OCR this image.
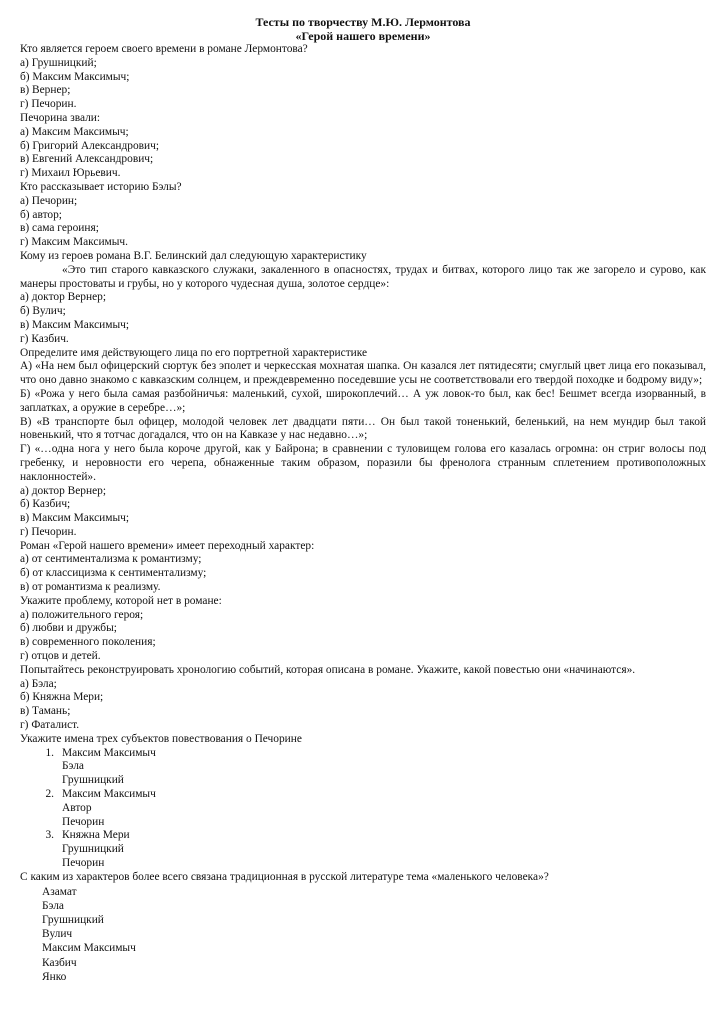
Тесты по творчеству М.Ю. Лермонтова
«Герой нашего времени»
Кто является героем своего времени в романе Лермонтова?
а) Грушницкий;
б) Максим Максимыч;
в) Вернер;
г) Печорин.
Печорина звали:
а) Максим Максимыч;
б) Григорий Александрович;
в) Евгений Александрович;
г) Михаил Юрьевич.
Кто рассказывает историю Бэлы?
а) Печорин;
б) автор;
в) сама героиня;
г) Максим Максимыч.
Кому из героев романа В.Г. Белинский дал следующую характеристику
«Это тип старого кавказского служаки, закаленного в опасностях, трудах и битвах, которого лицо так же загорело и сурово, как манеры простоваты и грубы, но у которого чудесная душа, золотое сердце»:
а) доктор Вернер;
б) Вулич;
в) Максим Максимыч;
г) Казбич.
Определите имя действующего лица по его портретной характеристике
А) «На нем был офицерский сюртук без эполет и черкесская мохнатая шапка. Он казался лет пятидесяти; смуглый цвет лица его показывал, что оно давно знакомо с кавказским солнцем, и преждевременно поседевшие усы не соответствовали его твердой походке и бодрому виду»;
Б) «Рожа у него была самая разбойничья: маленький, сухой, широкоплечий… А уж ловок-то был, как бес! Бешмет всегда изорванный, в заплатках, а оружие в серебре…»;
В) «В транспорте был офицер, молодой человек лет двадцати пяти… Он был такой тоненький, беленький, на нем мундир был такой новенький, что я тотчас догадался, что он на Кавказе у нас недавно…»;
Г) «…одна нога у него была короче другой, как у Байрона; в сравнении с туловищем голова его казалась огромна: он стриг волосы под гребенку, и неровности его черепа, обнаженные таким образом, поразили бы френолога странным сплетением противоположных наклонностей».
а) доктор Вернер;
б) Казбич;
в) Максим Максимыч;
г) Печорин.
Роман «Герой нашего времени» имеет переходный характер:
а) от сентиментализма к романтизму;
б) от классицизма к сентиментализму;
в) от романтизма к реализму.
Укажите проблему, которой нет в романе:
а) положительного героя;
б) любви и дружбы;
в) современного поколения;
г) отцов и детей.
Попытайтесь реконструировать хронологию событий, которая описана в романе. Укажите, какой повестью они «начинаются».
а) Бэла;
б) Княжна Мери;
в) Тамань;
г) Фаталист.
Укажите имена трех субъектов повествования о Печорине
1. Максим Максимыч
Бэла
Грушницкий
2. Максим Максимыч
Автор
Печорин
3. Княжна Мери
Грушницкий
Печорин
С каким из характеров более всего связана традиционная в русской литературе тема «маленького человека»?
Азамат
Бэла
Грушницкий
Вулич
Максим Максимыч
Казбич
Янко
